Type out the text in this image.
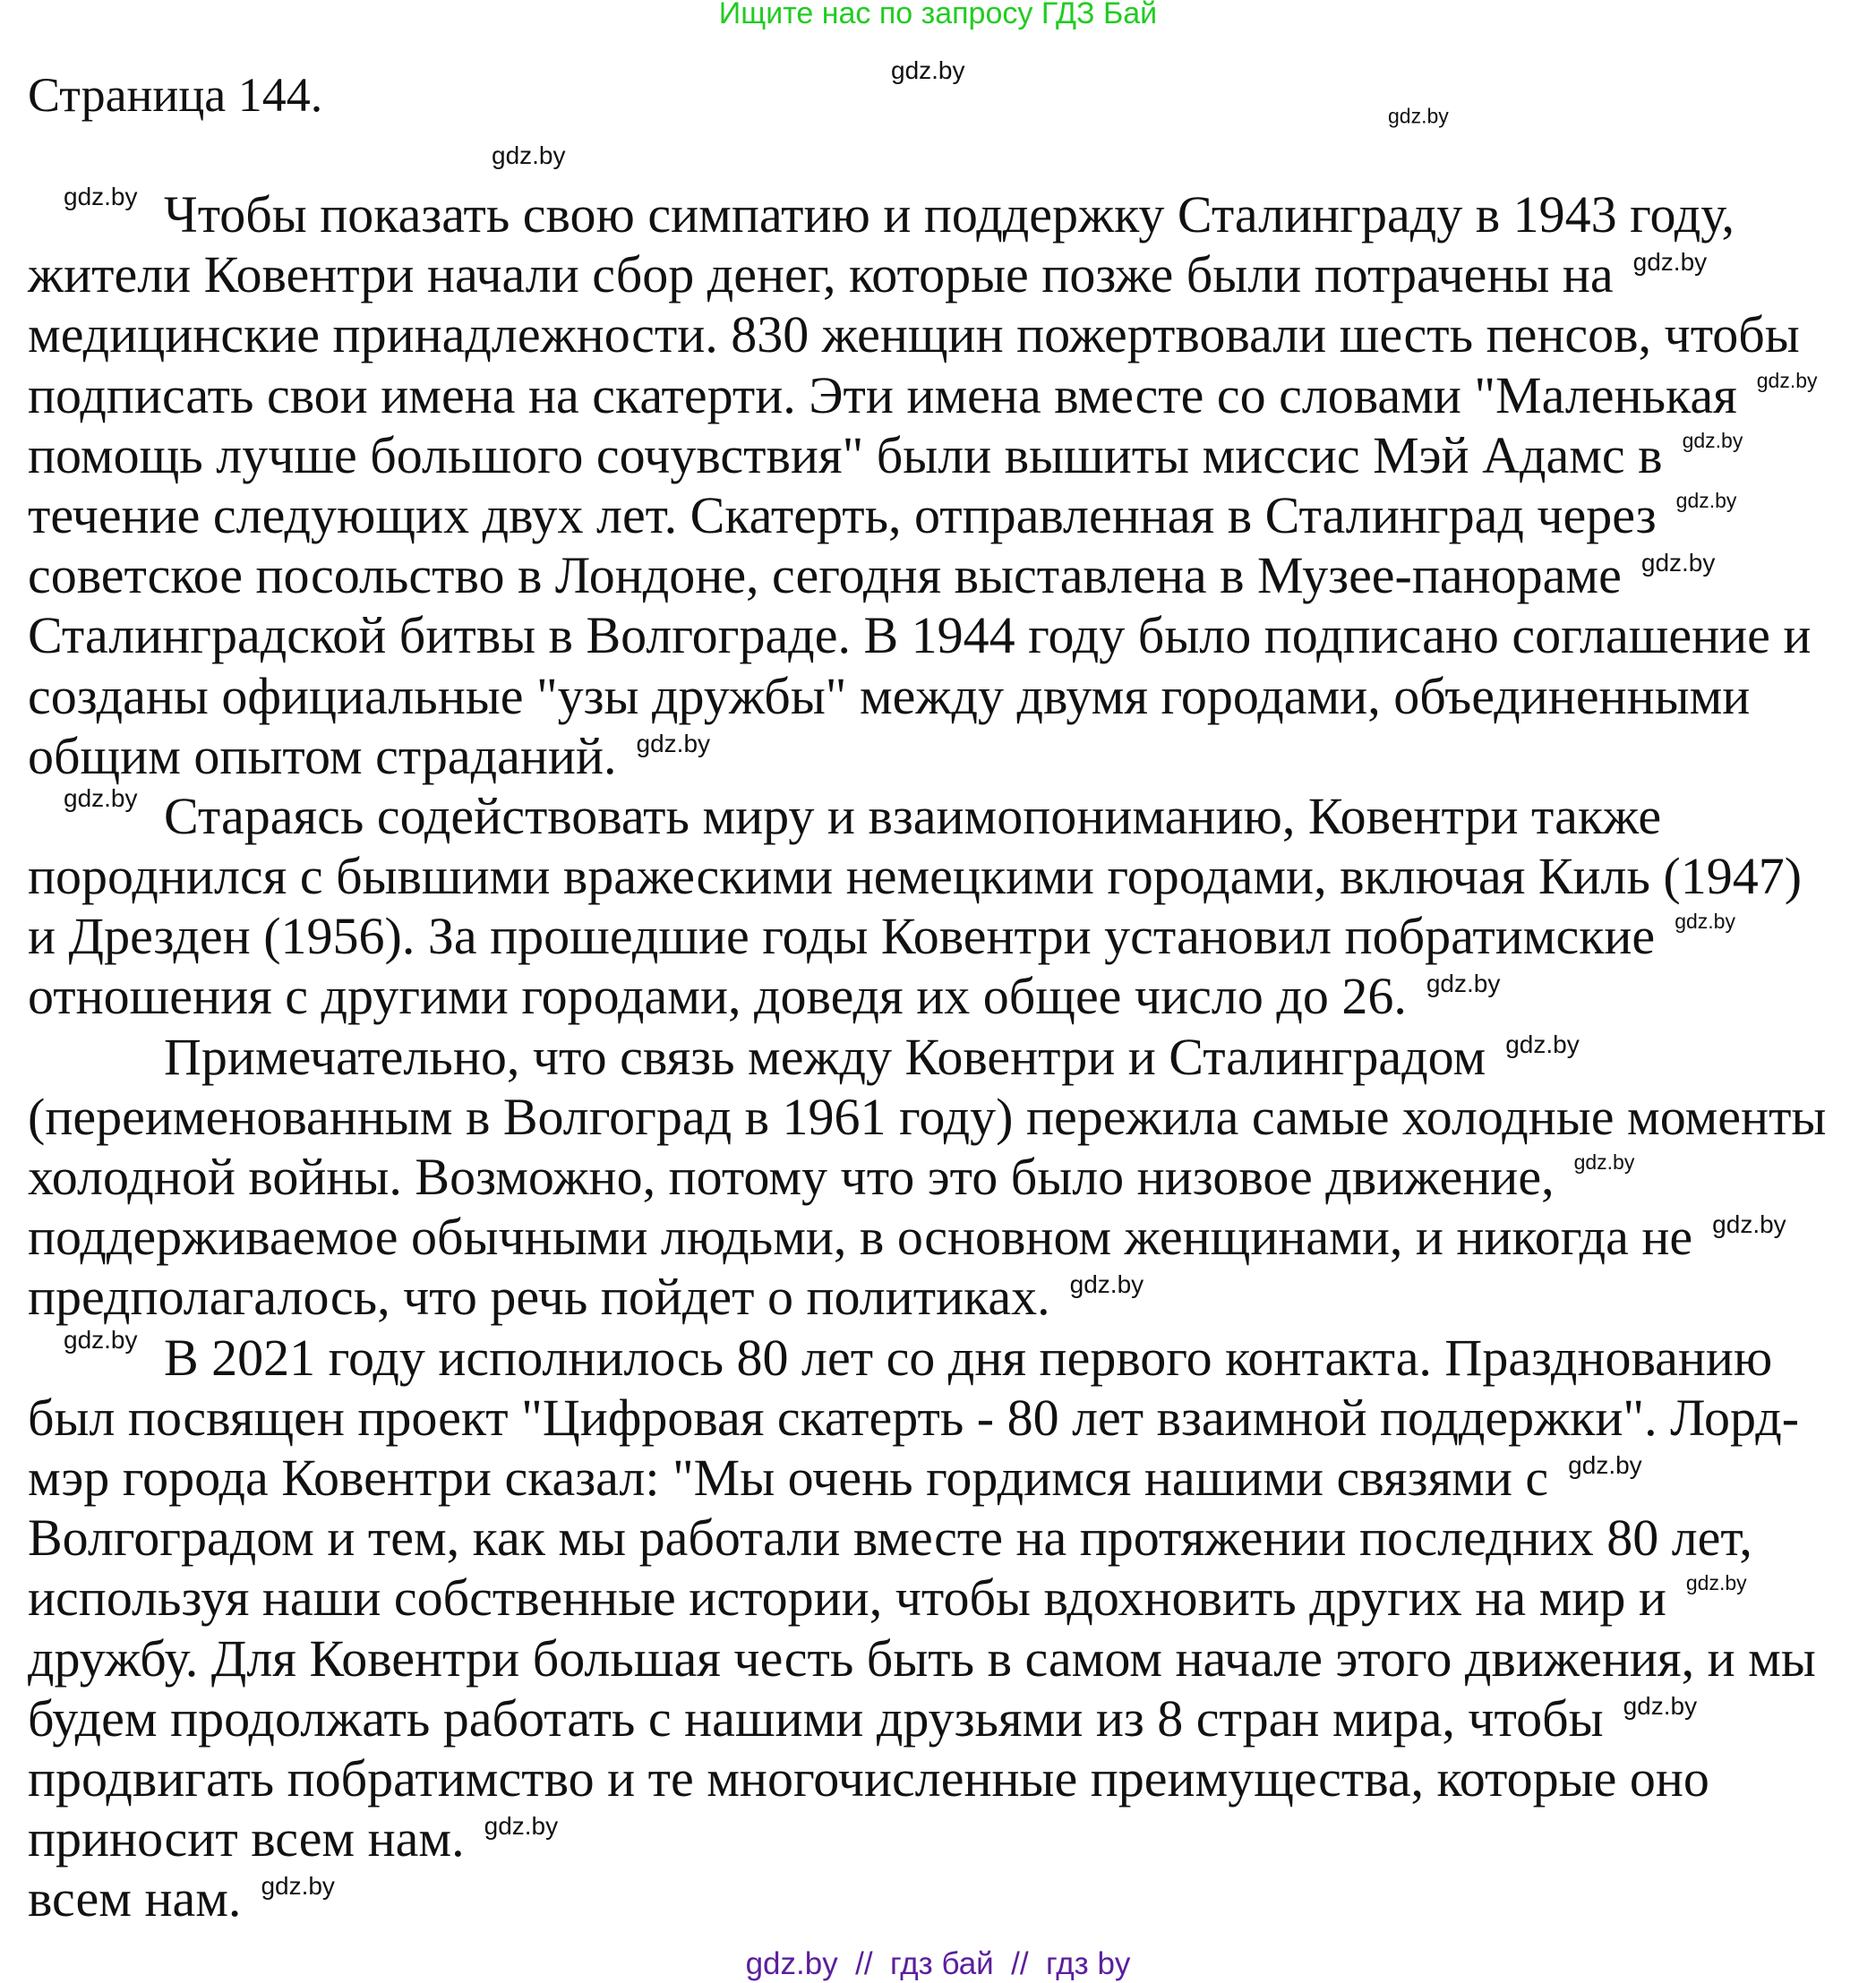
Ищите нас по запросу ГДЗ Бай
Страница 144.
gdz.by Чтобы показать свою симпатию и поддержку Сталинграду в 1943 году,
жители Ковентри начали сбор денег, которые позже были потрачены на gdz.by
медицинские принадлежности. 830 женщин пожертвовали шесть пенсов, чтобы
подписать свои имена на скатерти. Эти имена вместе со словами "Маленькая gdz.by
помощь лучше большого сочувствия" были вышиты миссис Мэй Адамс в gdz.by
течение следующих двух лет. Скатерть, отправленная в Сталинград через gdz.by
советское посольство в Лондоне, сегодня выставлена в Музее-панораме gdz.by
Сталинградской битвы в Волгограде. В 1944 году было подписано соглашение и
созданы официальные "узы дружбы" между двумя городами, объединенными
общим опытом страданий. gdz.by
gdz.by Стараясь содействовать миру и взаимопониманию, Ковентри также
породнился с бывшими вражескими немецкими городами, включая Киль (1947)
и Дрезден (1956). За прошедшие годы Ковентри установил побратимские gdz.by
отношения с другими городами, доведя их общее число до 26. gdz.by
Примечательно, что связь между Ковентри и Сталинградом gdz.by
(переименованным в Волгоград в 1961 году) пережила самые холодные моменты
холодной войны. Возможно, потому что это было низовое движение, gdz.by
поддерживаемое обычными людьми, в основном женщинами, и никогда не gdz.by
предполагалось, что речь пойдет о политиках. gdz.by
gdz.by В 2021 году исполнилось 80 лет со дня первого контакта. Празднованию
был посвящен проект "Цифровая скатерть - 80 лет взаимной поддержки". Лорд-
мэр города Ковентри сказал: "Мы очень гордимся нашими связями с gdz.by
Волгоградом и тем, как мы работали вместе на протяжении последних 80 лет,
используя наши собственные истории, чтобы вдохновить других на мир и gdz.by
дружбу. Для Ковентри большая честь быть в самом начале этого движения, и мы
будем продолжать работать с нашими друзьями из 8 стран мира, чтобы gdz.by
продвигать побратимство и те многочисленные преимущества, которые оно
приносит всем нам. gdz.by
всем нам. gdz.by
gdz.by
gdz.by
gdz.by
gdz.by  //  гдз бай  //  гдз by
